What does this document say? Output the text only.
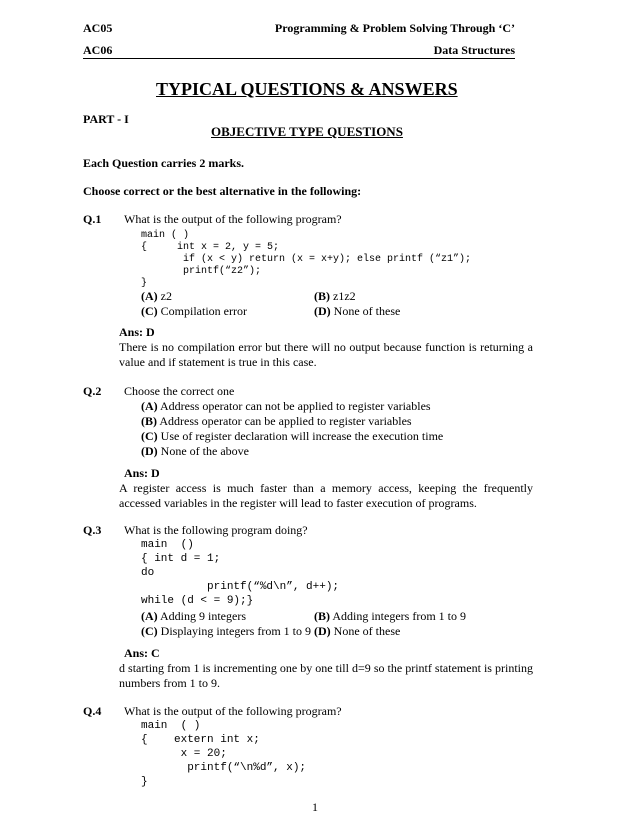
AC05	Programming & Problem Solving Through ‘C’
AC06	Data Structures
TYPICAL QUESTIONS & ANSWERS
PART - I
OBJECTIVE TYPE QUESTIONS
Each Question carries 2 marks.
Choose correct or the best alternative in the following:
Q.1 What is the output of the following program?
main ( )
{     int x = 2, y = 5;
if (x < y) return (x = x+y); else printf (“z1”);
printf(“z2”);
}
(A) z2	(B) z1z2
(C) Compilation error	(D) None of these
Ans: D
There is no compilation error but there will no output because function is returning a value and if statement is true in this case.
Q.2 Choose the correct one
(A) Address operator can not be applied to register variables
(B) Address operator can be applied to register variables
(C) Use of register declaration will increase the execution time
(D) None of the above
Ans: D
A register access is much faster than a memory access, keeping the frequently accessed variables in the register will lead to faster execution of programs.
Q.3 What is the following program doing?
main  ()
{ int d = 1;
do
printf(“%d\n”, d++);
while (d < = 9);}
(A) Adding 9 integers	(B) Adding integers from 1 to 9
(C) Displaying integers from 1 to 9 (D) None of these
Ans: C
d starting from 1 is incrementing one by one till d=9 so the printf statement is printing numbers from 1 to 9.
Q.4 What is the output of the following program?
main  ( )
{    extern int x;
x = 20;
printf(“\n%d”, x);
}
1
